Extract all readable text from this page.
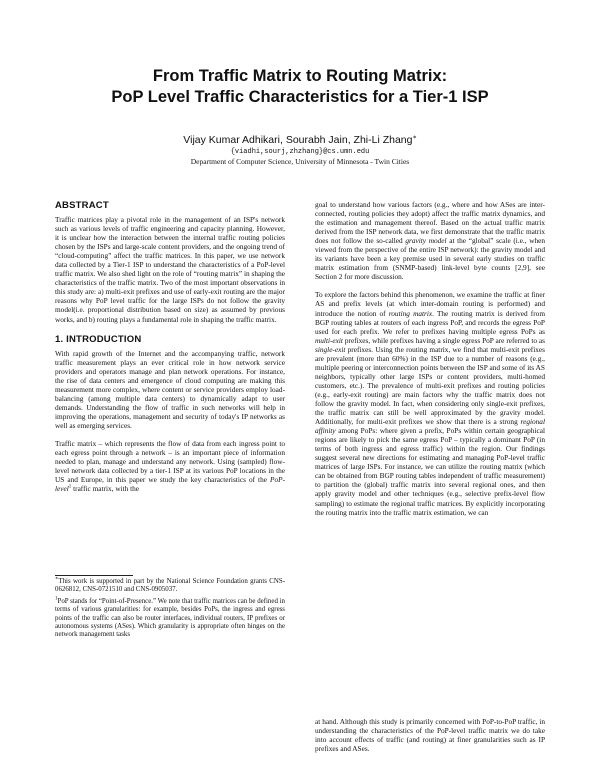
From Traffic Matrix to Routing Matrix:
PoP Level Traffic Characteristics for a Tier-1 ISP
Vijay Kumar Adhikari, Sourabh Jain, Zhi-Li Zhang∗
{viadhi,sourj,zhzhang}@cs.umn.edu
Department of Computer Science, University of Minnesota - Twin Cities
ABSTRACT

Traffic matrices play a pivotal role in the management of an ISP's network such as various levels of traffic engineering and capacity planning. However, it is unclear how the interaction between the internal traffic routing policies chosen by the ISPs and large-scale content providers, and the ongoing trend of “cloud-computing” affect the traffic matrices. In this paper, we use network data collected by a Tier-1 ISP to understand the characteristics of a PoP-level traffic matrix. We also shed light on the role of “routing matrix” in shaping the characteristics of the traffic matrix. Two of the most important observations in this study are: a) multi-exit prefixes and use of early-exit routing are the major reasons why PoP level traffic for the large ISPs do not follow the gravity model(i.e. proportional distribution based on size) as assumed by previous works, and b) routing plays a fundamental role in shaping the traffic matrix.

1. INTRODUCTION

With rapid growth of the Internet and the accompanying traffic, network traffic measurement plays an ever critical role in how network service providers and operators manage and plan network operations. For instance, the rise of data centers and emergence of cloud computing are making this measurement more complex, where content or service providers employ load-balancing (among multiple data centers) to dynamically adapt to user demands. Understanding the flow of traffic in such networks will help in improving the operations, management and security of today's IP networks as well as emerging services.

Traffic matrix – which represents the flow of data from each ingress point to each egress point through a network – is an important piece of information needed to plan, manage and understand any network. Using (sampled) flow-level network data collected by a tier-1 ISP at its various PoP locations in the US and Europe, in this paper we study the key characteristics of the PoP-level$^1$ traffic matrix, with the

∗This work is supported in part by the National Science Foundation grants CNS-0626812, CNS-0721510 and CNS-0905037.

$^1$PoP stands for “Point-of-Presence.” We note that traffic matrices can be defined in terms of various granularities: for example, besides PoPs, the ingress and egress points of the traffic can also be router interfaces, individual routers, IP prefixes or autonomous systems (ASes). Which granularity is appropriate often hinges on the network management tasks

goal to understand how various factors (e.g., where and how ASes are inter-connected, routing policies they adopt) affect the traffic matrix dynamics, and the estimation and management thereof. Based on the actual traffic matrix derived from the ISP network data, we first demonstrate that the traffic matrix does not follow the so-called gravity model at the “global” scale (i.e., when viewed from the perspective of the entire ISP network): the gravity model and its variants have been a key premise used in several early studies on traffic matrix estimation from (SNMP-based) link-level byte counts [2,9], see Section 2 for more discussion.

To explore the factors behind this phenomenon, we examine the traffic at finer AS and prefix levels (at which inter-domain routing is performed) and introduce the notion of routing matrix. The routing matrix is derived from BGP routing tables at routers of each ingress PoP, and records the egress PoP used for each prefix. We refer to prefixes having multiple egress PoPs as multi-exit prefixes, while prefixes having a single egress PoP are referred to as single-exit prefixes. Using the routing matrix, we find that multi-exit prefixes are prevalent (more than 60%) in the ISP due to a number of reasons (e.g., multiple peering or interconnection points between the ISP and some of its AS neighbors, typically other large ISPs or content providers, multi-homed customers, etc.). The prevalence of multi-exit prefixes and routing policies (e.g., early-exit routing) are main factors why the traffic matrix does not follow the gravity model. In fact, when considering only single-exit prefixes, the traffic matrix can still be well approximated by the gravity model. Additionally, for multi-exit prefixes we show that there is a strong regional affinity among PoPs: where given a prefix, PoPs within certain geographical regions are likely to pick the same egress PoP – typically a dominant PoP (in terms of both ingress and egress traffic) within the region. Our findings suggest several new directions for estimating and managing PoP-level traffic matrices of large ISPs. For instance, we can utilize the routing matrix (which can be obtained from BGP routing tables independent of traffic measurement) to partition the (global) traffic matrix into several regional ones, and then apply gravity model and other techniques (e.g., selective prefix-level flow sampling) to estimate the regional traffic matrices. By explicitly incorporating the routing matrix into the traffic matrix estimation, we can

at hand. Although this study is primarily concerned with PoP-to-PoP traffic, in understanding the characteristics of the PoP-level traffic matrix we do take into account effects of traffic (and routing) at finer granularities such as IP prefixes and ASes.
